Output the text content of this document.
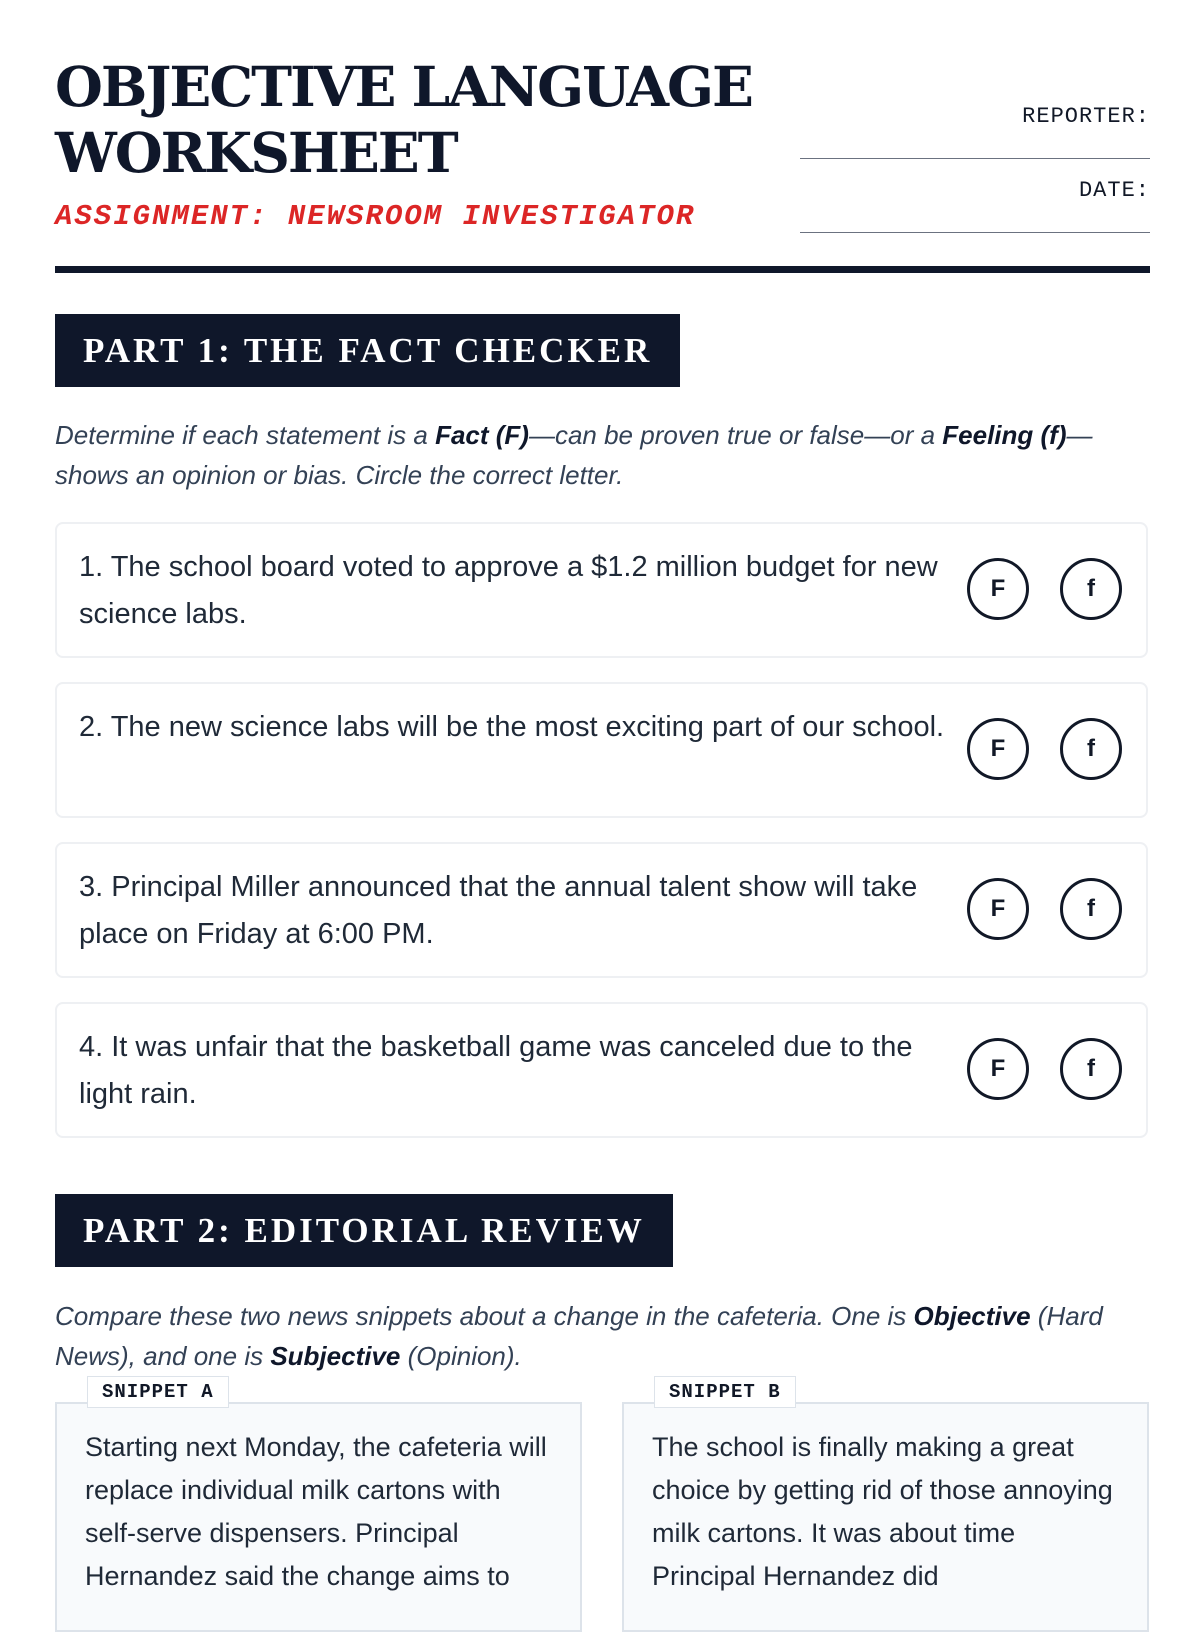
OBJECTIVE LANGUAGE WORKSHEET
ASSIGNMENT: NEWSROOM INVESTIGATOR
REPORTER:
DATE:
PART 1: THE FACT CHECKER
Determine if each statement is a Fact (F)—can be proven true or false—or a Feeling (f)—shows an opinion or bias. Circle the correct letter.
1. The school board voted to approve a $1.2 million budget for new science labs.
F	f
2. The new science labs will be the most exciting part of our school.
F	f
3. Principal Miller announced that the annual talent show will take place on Friday at 6:00 PM.
F	f
4. It was unfair that the basketball game was canceled due to the light rain.
F	f
PART 2: EDITORIAL REVIEW
Compare these two news snippets about a change in the cafeteria. One is Objective (Hard News), and one is Subjective (Opinion).
SNIPPET A
Starting next Monday, the cafeteria will replace individual milk cartons with self-serve dispensers. Principal Hernandez said the change aims to
SNIPPET B
The school is finally making a great choice by getting rid of those annoying milk cartons. It was about time Principal Hernandez did
